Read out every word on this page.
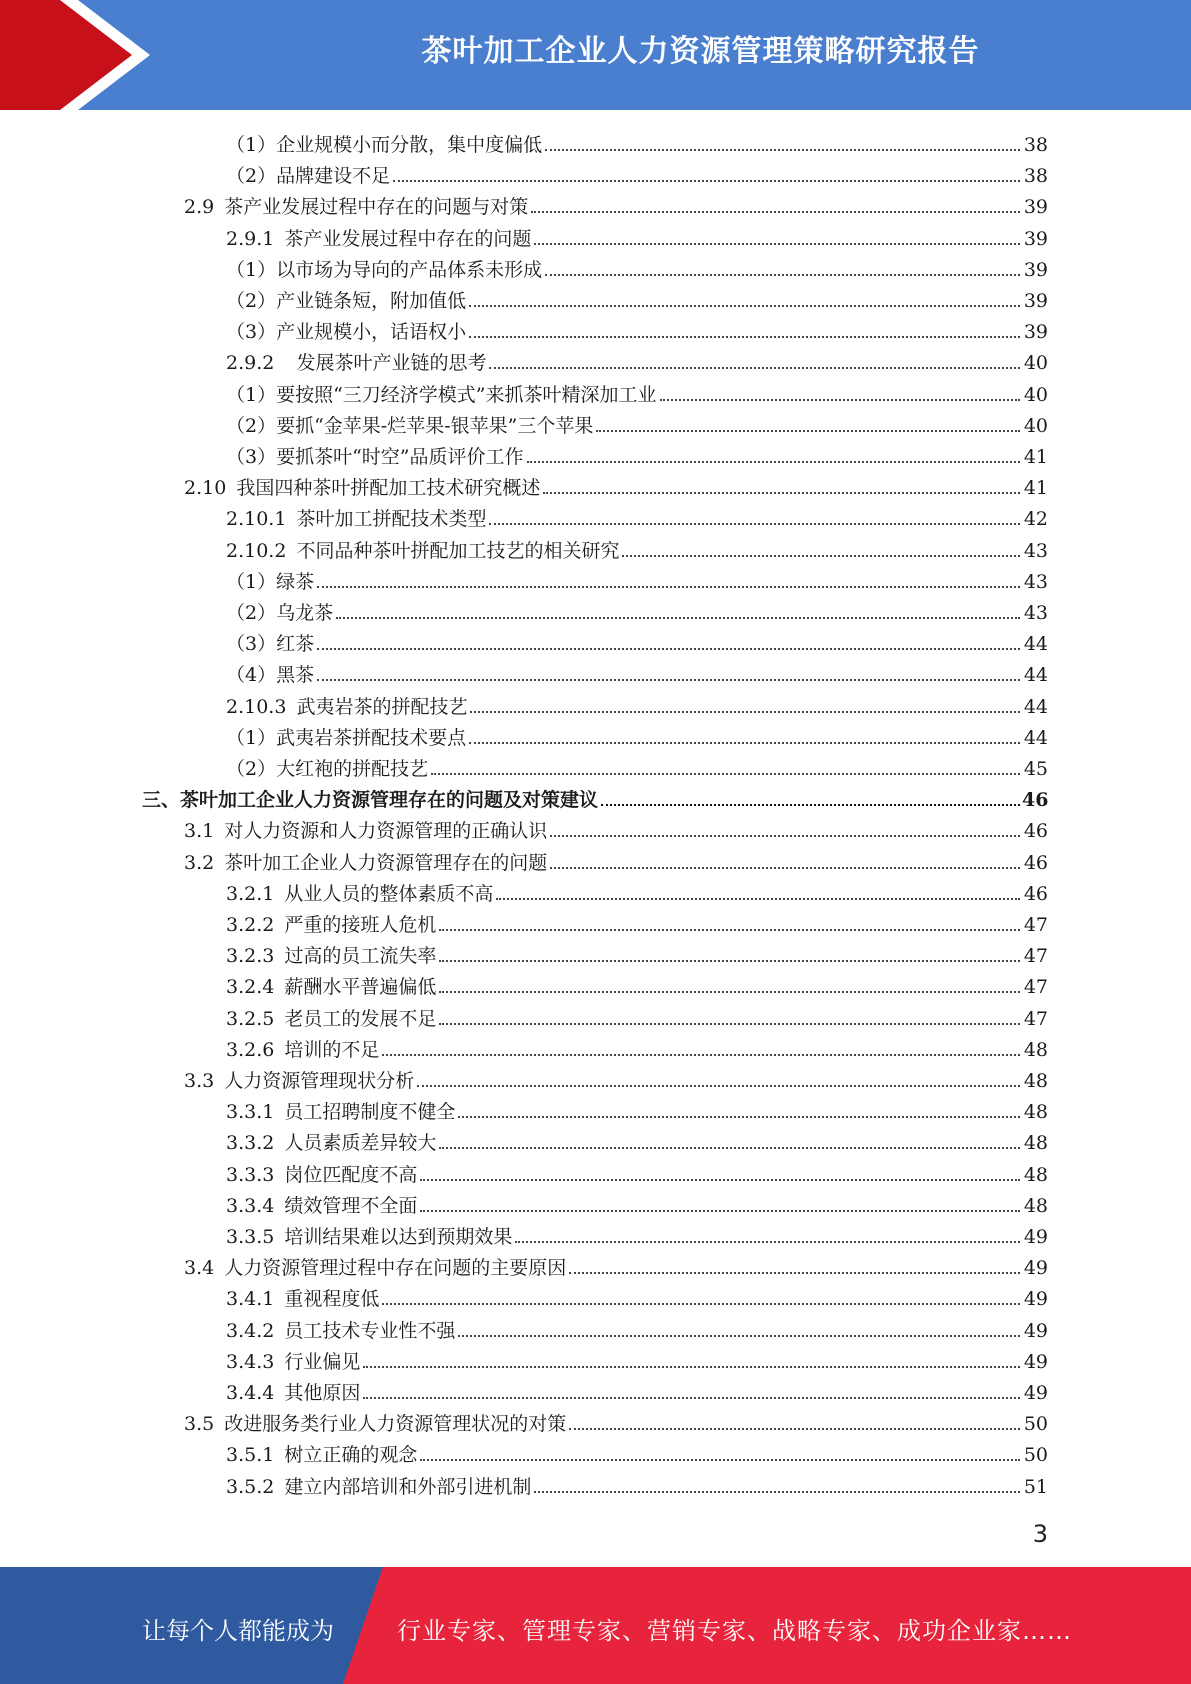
茶叶加工企业人力资源管理策略研究报告
（1）企业规模小而分散，集中度偏低	38
（2）品牌建设不足	38
2.9 茶产业发展过程中存在的问题与对策	39
2.9.1 茶产业发展过程中存在的问题	39
（1）以市场为导向的产品体系未形成	39
（2）产业链条短，附加值低	39
（3）产业规模小，话语权小	39
2.9.2  发展茶叶产业链的思考	40
（1）要按照“三刀经济学模式”来抓茶叶精深加工业	40
（2）要抓“金苹果-烂苹果-银苹果”三个苹果	40
（3）要抓茶叶“时空”品质评价工作	41
2.10 我国四种茶叶拼配加工技术研究概述	41
2.10.1 茶叶加工拼配技术类型	42
2.10.2 不同品种茶叶拼配加工技艺的相关研究	43
（1）绿茶	43
（2）乌龙茶	43
（3）红茶	44
（4）黑茶	44
2.10.3 武夷岩茶的拼配技艺	44
（1）武夷岩茶拼配技术要点	44
（2）大红袍的拼配技艺	45
三、茶叶加工企业人力资源管理存在的问题及对策建议	46
3.1 对人力资源和人力资源管理的正确认识	46
3.2 茶叶加工企业人力资源管理存在的问题	46
3.2.1 从业人员的整体素质不高	46
3.2.2 严重的接班人危机	47
3.2.3 过高的员工流失率	47
3.2.4 薪酬水平普遍偏低	47
3.2.5 老员工的发展不足	47
3.2.6 培训的不足	48
3.3 人力资源管理现状分析	48
3.3.1 员工招聘制度不健全	48
3.3.2 人员素质差异较大	48
3.3.3 岗位匹配度不高	48
3.3.4 绩效管理不全面	48
3.3.5 培训结果难以达到预期效果	49
3.4 人力资源管理过程中存在问题的主要原因	49
3.4.1 重视程度低	49
3.4.2 员工技术专业性不强	49
3.4.3 行业偏见	49
3.4.4 其他原因	49
3.5 改进服务类行业人力资源管理状况的对策	50
3.5.1 树立正确的观念	50
3.5.2 建立内部培训和外部引进机制	51
3
让每个人都能成为	行业专家、管理专家、营销专家、战略专家、成功企业家……
